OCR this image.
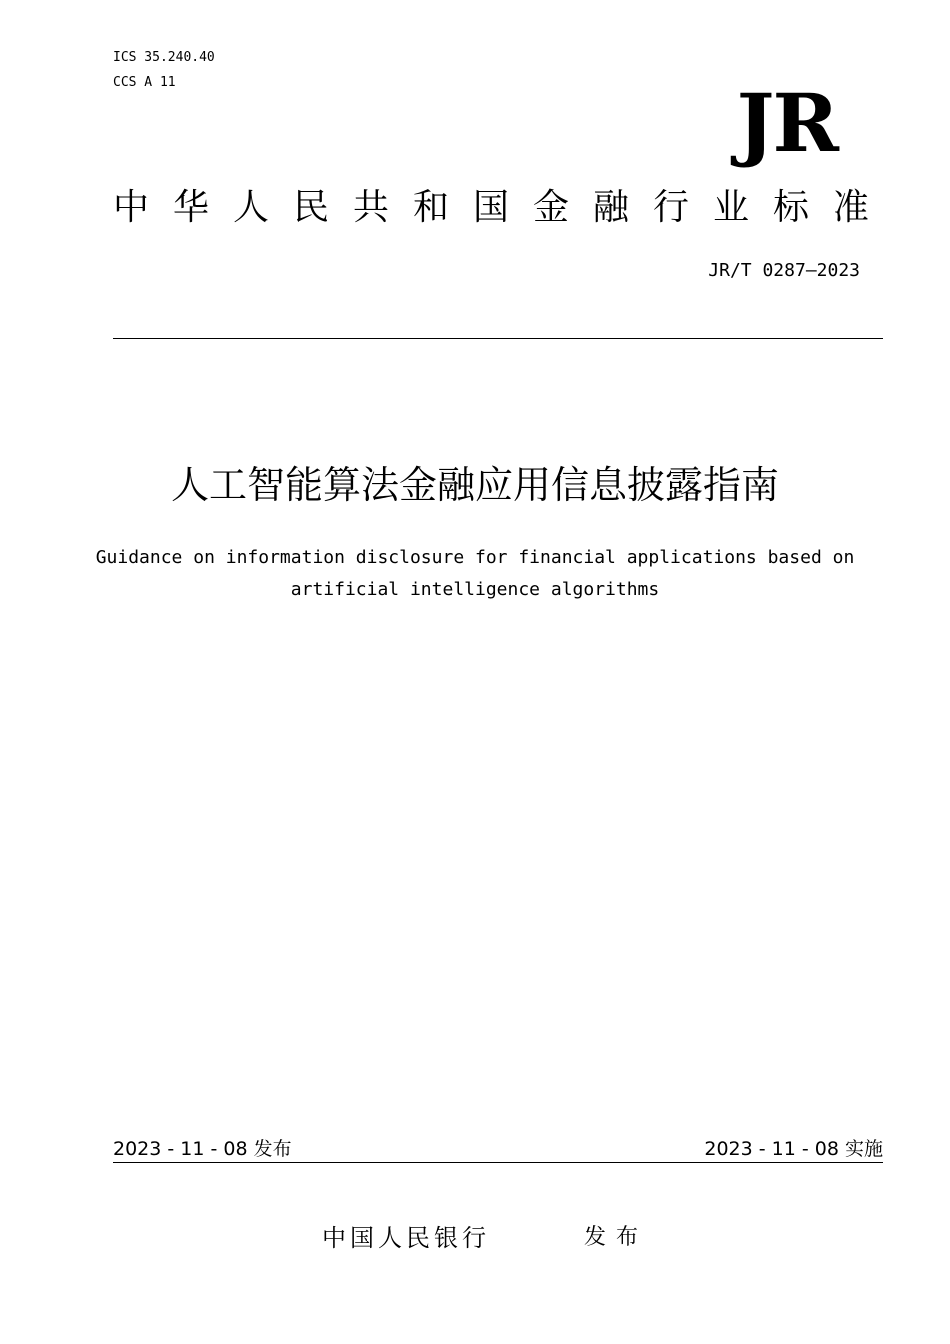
ICS 35.240.40
CCS A 11	JR
中华人民共和国金融行业标准
JR/T 0287—2023
人工智能算法金融应用信息披露指南
Guidance on information disclosure for financial applications based on
artificial intelligence algorithms
2023 - 11 - 08 发布	2023 - 11 - 08 实施
中国人民银行	发布
